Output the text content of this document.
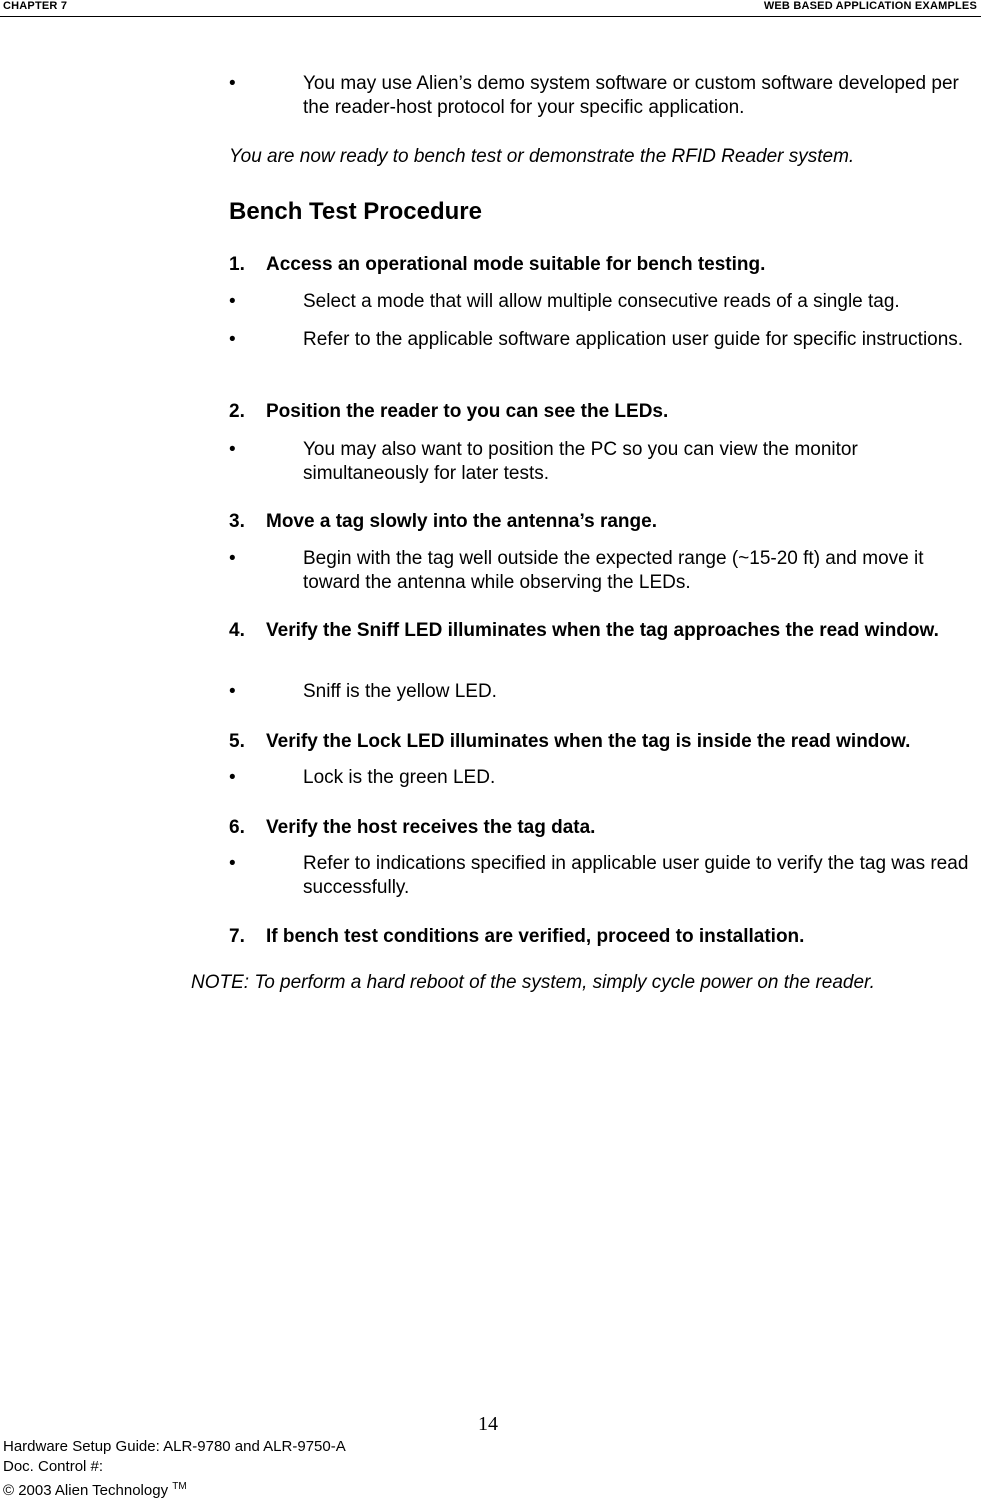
CHAPTER 7	WEB BASED APPLICATION EXAMPLES
•	You may use Alien’s demo system software or custom software developed per the reader-host protocol for your specific application.
You are now ready to bench test or demonstrate the RFID Reader system.
Bench Test Procedure
1. Access an operational mode suitable for bench testing.
•	Select a mode that will allow multiple consecutive reads of a single tag.
•	Refer to the applicable software application user guide for specific instructions.
2. Position the reader to you can see the LEDs.
•	You may also want to position the PC so you can view the monitor simultaneously for later tests.
3. Move a tag slowly into the antenna’s range.
•	Begin with the tag well outside the expected range (~15-20 ft) and move it toward the antenna while observing the LEDs.
4. Verify the Sniff LED illuminates when the tag approaches the read window.
•	Sniff is the yellow LED.
5. Verify the Lock LED illuminates when the tag is inside the read window.
•	Lock is the green LED.
6. Verify the host receives the tag data.
•	Refer to indications specified in applicable user guide to verify the tag was read successfully.
7. If bench test conditions are verified, proceed to installation.
NOTE: To perform a hard reboot of the system, simply cycle power on the reader.
Hardware Setup Guide: ALR-9780 and ALR-9750-A
Doc. Control #:
© 2003 Alien Technology ™
14
